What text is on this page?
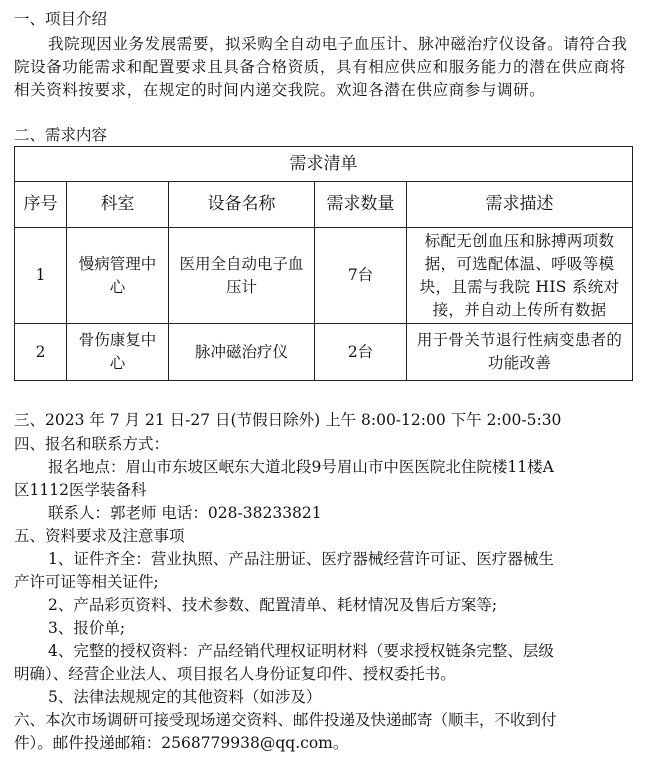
一、项目介绍
我院现因业务发展需要，拟采购全自动电子血压计、脉冲磁治疗仪设备。请符合我院设备功能需求和配置要求且具备合格资质，具有相应供应和服务能力的潜在供应商将相关资料按要求，在规定的时间内递交我院。欢迎各潜在供应商参与调研。
二、需求内容
需求清单				
序号	科室	设备名称	需求数量	需求描述
1	慢病管理中心	医用全自动电子血压计	7台	标配无创血压和脉搏两项数据，可选配体温、呼吸等模块，且需与我院 HIS 系统对接，并自动上传所有数据
2	骨伤康复中心	脉冲磁治疗仪	2台	用于骨关节退行性病变患者的功能改善
三、2023 年 7 月 21 日-27 日(节假日除外) 上午 8:00-12:00 下午 2:00-5:30
四、报名和联系方式：
报名地点：眉山市东坡区岷东大道北段9号眉山市中医医院北住院楼11楼A
区1112医学装备科
联系人：郭老师 电话：028-38233821
五、资料要求及注意事项
1、证件齐全：营业执照、产品注册证、医疗器械经营许可证、医疗器械生
产许可证等相关证件;
2、产品彩页资料、技术参数、配置清单、耗材情况及售后方案等;
3、报价单;
4、完整的授权资料：产品经销代理权证明材料（要求授权链条完整、层级
明确）、经营企业法人、项目报名人身份证复印件、授权委托书。
5、法律法规规定的其他资料（如涉及）
六、本次市场调研可接受现场递交资料、邮件投递及快递邮寄（顺丰，不收到付
件）。邮件投递邮箱：2568779938@qq.com。
